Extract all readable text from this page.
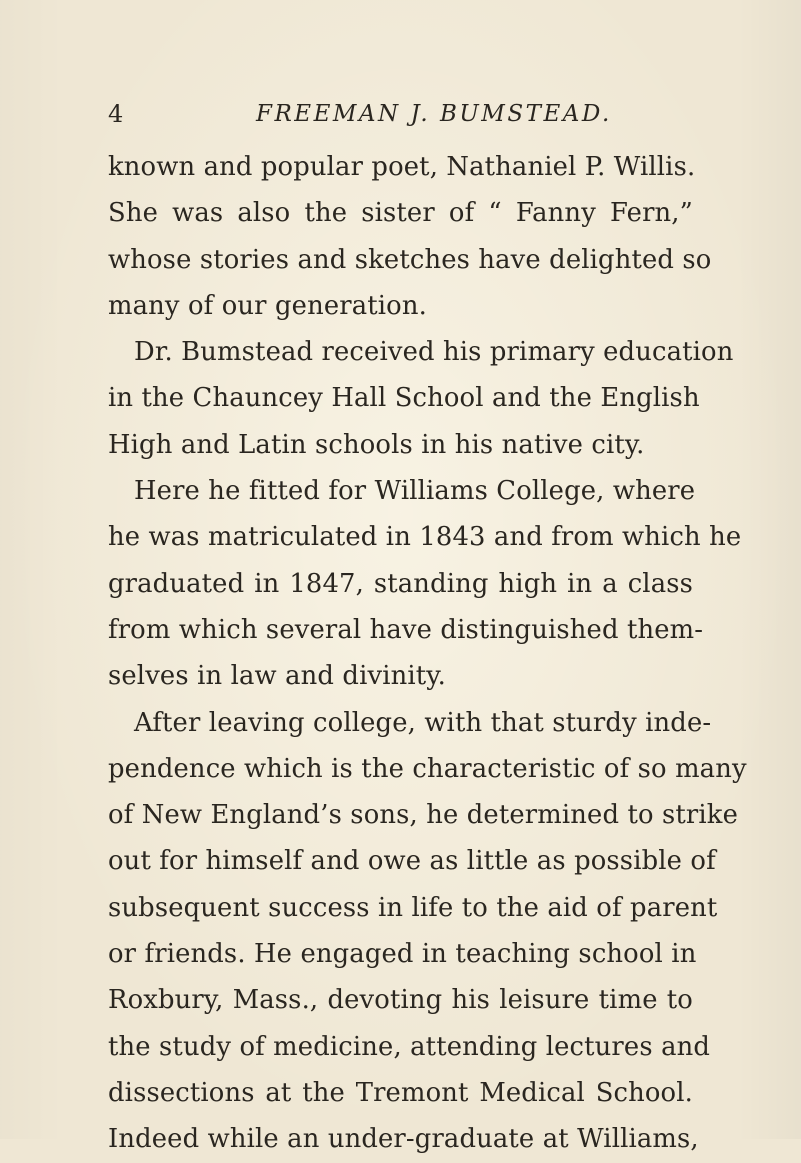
4	FREEMAN J. BUMSTEAD.
known and popular poet, Nathaniel P. Willis.
She was also the sister of “ Fanny Fern,”
whose stories and sketches have delighted so
many of our generation.
Dr. Bumstead received his primary education
in the Chauncey Hall School and the English
High and Latin schools in his native city.
Here he fitted for Williams College, where
he was matriculated in 1843 and from which he
graduated in 1847, standing high in a class
from which several have distinguished them-
selves in law and divinity.
After leaving college, with that sturdy inde-
pendence which is the characteristic of so many
of New England’s sons, he determined to strike
out for himself and owe as little as possible of
subsequent success in life to the aid of parent
or friends. He engaged in teaching school in
Roxbury, Mass., devoting his leisure time to
the study of medicine, attending lectures and
dissections at the Tremont Medical School.
Indeed while an under-graduate at Williams,
